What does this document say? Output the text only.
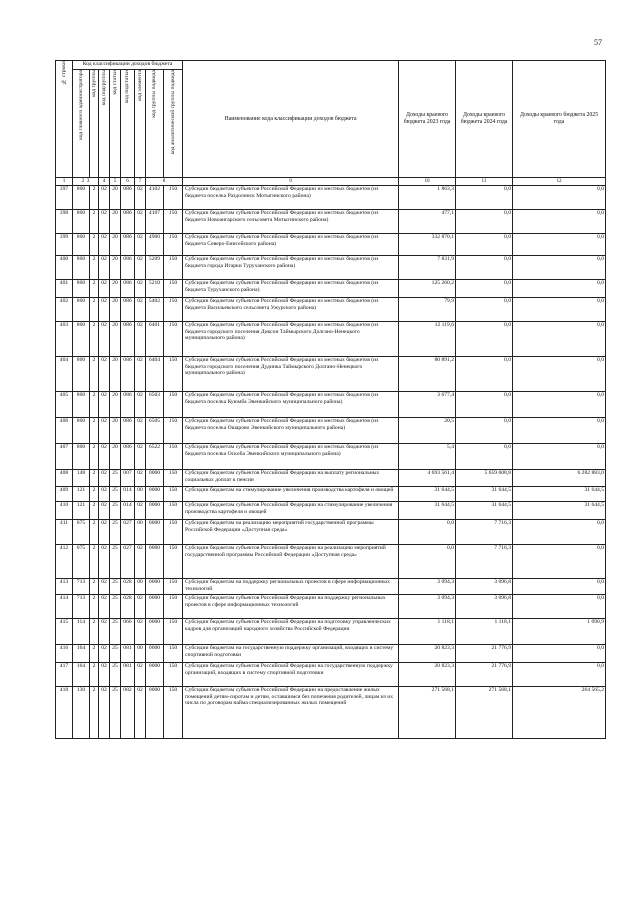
57
№ строки	Код классификации доходов бюджета								Наименование кода классификации доходов бюджета	Доходы краевого бюджета 2023 года	Доходы краевого бюджета 2024 года	Доходы краевого бюджета 2025 года

	код главного администратора	код группы	код подгруппы	код статьи	код подстатьи	код элемента	код группы подвида	код аналитической группы подвида				

1	2 3		4	5	6	7	8		9	10	11	12
397	800	2	02	20	086	02	4102	150	Субсидии бюджетам субъектов Российской Федерации из местных бюджетов (из бюджета поселка Раздолинск Мотыгинского района)	1 863,3	0,0	0,0
398	800	2	02	20	086	02	4107	150	Субсидии бюджетам субъектов Российской Федерации из местных бюджетов (из бюджета Новоангарского сельсовета Мотыгинского района)	477,1	0,0	0,0
399	800	2	02	20	086	02	4900	150	Субсидии бюджетам субъектов Российской Федерации из местных бюджетов (из бюджета Северо-Енисейского района)	332 870,1	0,0	0,0
400	800	2	02	20	086	02	5209	150	Субсидии бюджетам субъектов Российской Федерации из местных бюджетов (из бюджета города Игарки Туруханского района)	7 831,9	0,0	0,0
401	800	2	02	20	086	02	5210	150	Субсидии бюджетам субъектов Российской Федерации из местных бюджетов (из бюджета Туруханского района)	125 260,2	0,0	0,0
402	800	2	02	20	086	02	5402	150	Субсидии бюджетам субъектов Российской Федерации из местных бюджетов (из бюджета Васильевского сельсовета Ужурского района)	79,9	0,0	0,0
403	800	2	02	20	086	02	6401	150	Субсидии бюджетам субъектов Российской Федерации из местных бюджетов (из бюджета городского поселения Диксон Таймырского Долгано-Ненецкого муниципального района)	12 119,6	0,0	0,0
404	800	2	02	20	086	02	6404	150	Субсидии бюджетам субъектов Российской Федерации из местных бюджетов (из бюджета городского поселения Дудинка Таймырского Долгано-Ненецкого муниципального района)	80 891,2	0,0	0,0
405	800	2	02	20	086	02	6503	150	Субсидии бюджетам субъектов Российской Федерации из местных бюджетов (из бюджета поселка Куюмба Эвенкийского муниципального района)	3 677,4	0,0	0,0
406	800	2	02	20	086	02	6505	150	Субсидии бюджетам субъектов Российской Федерации из местных бюджетов (из бюджета поселка Ошарово Эвенкийского муниципального района)	20,5	0,0	0,0
407	800	2	02	20	086	02	6522	150	Субсидии бюджетам субъектов Российской Федерации из местных бюджетов (из бюджета поселка Ocкoбa Эвенкийского муниципального района)	5,4	0,0	0,0
408	148	2	02	25	007	02	0000	150	Субсидии бюджетам субъектов Российской Федерации на выплату региональных социальных доплат к пенсии	4 693 561,4	5 659 608,8	6 282 883,0
409	121	2	02	25	014	00	0000	150	Субсидии бюджетам на стимулирование увеличения производства картофеля и овощей	31 644,5	31 644,5	31 644,5
410	121	2	02	25	014	02	0000	150	Субсидии бюджетам субъектов Российской Федерации на стимулирование увеличения производства картофеля и овощей	31 644,5	31 644,5	31 644,5
411	075	2	02	25	027	00	0000	150	Субсидии бюджетам на реализацию мероприятий государственной программы Российской Федерации «Доступная среда»	0,0	7 716,3	0,0
412	075	2	02	25	027	02	0000	150	Субсидии бюджетам субъектов Российской Федерации на реализацию мероприятий государственной программы Российской Федерации «Доступная среда»	0,0	7 716,3	0,0
413	713	2	02	25	028	00	0000	150	Субсидии бюджетам на поддержку региональных проектов в сфере информационных технологий	3 094,3	3 096,8	0,0
414	713	2	02	25	028	02	0000	150	Субсидии бюджетам субъектов Российской Федерации на поддержку региональных проектов в сфере информационных технологий	3 094,3	3 096,8	0,0
415	114	2	02	25	066	02	0000	150	Субсидии бюджетам субъектов Российской Федерации на подготовку управленческих кадров для организаций народного хозяйства Российской Федерации	1 118,1	1 118,1	1 090,9
416	164	2	02	25	081	00	0000	150	Субсидии бюджетам на государственную поддержку организаций, входящих в систему спортивной подготовки	20 823,3	21 776,9	0,0
417	164	2	02	25	081	02	0000	150	Субсидии бюджетам субъектов Российской Федерации на государственную поддержку организаций, входящих в систему спортивной подготовки	20 823,3	21 776,9	0,0
418	130	2	02	25	082	02	0000	150	Субсидии бюджетам субъектов Российской Федерации на предоставление жилых помещений детям-сиротам и детям, оставшимся без попечения родителей, лицам из их числа по договорам найма специализированных жилых помещений	271 568,1	271 568,1	264 565,2
